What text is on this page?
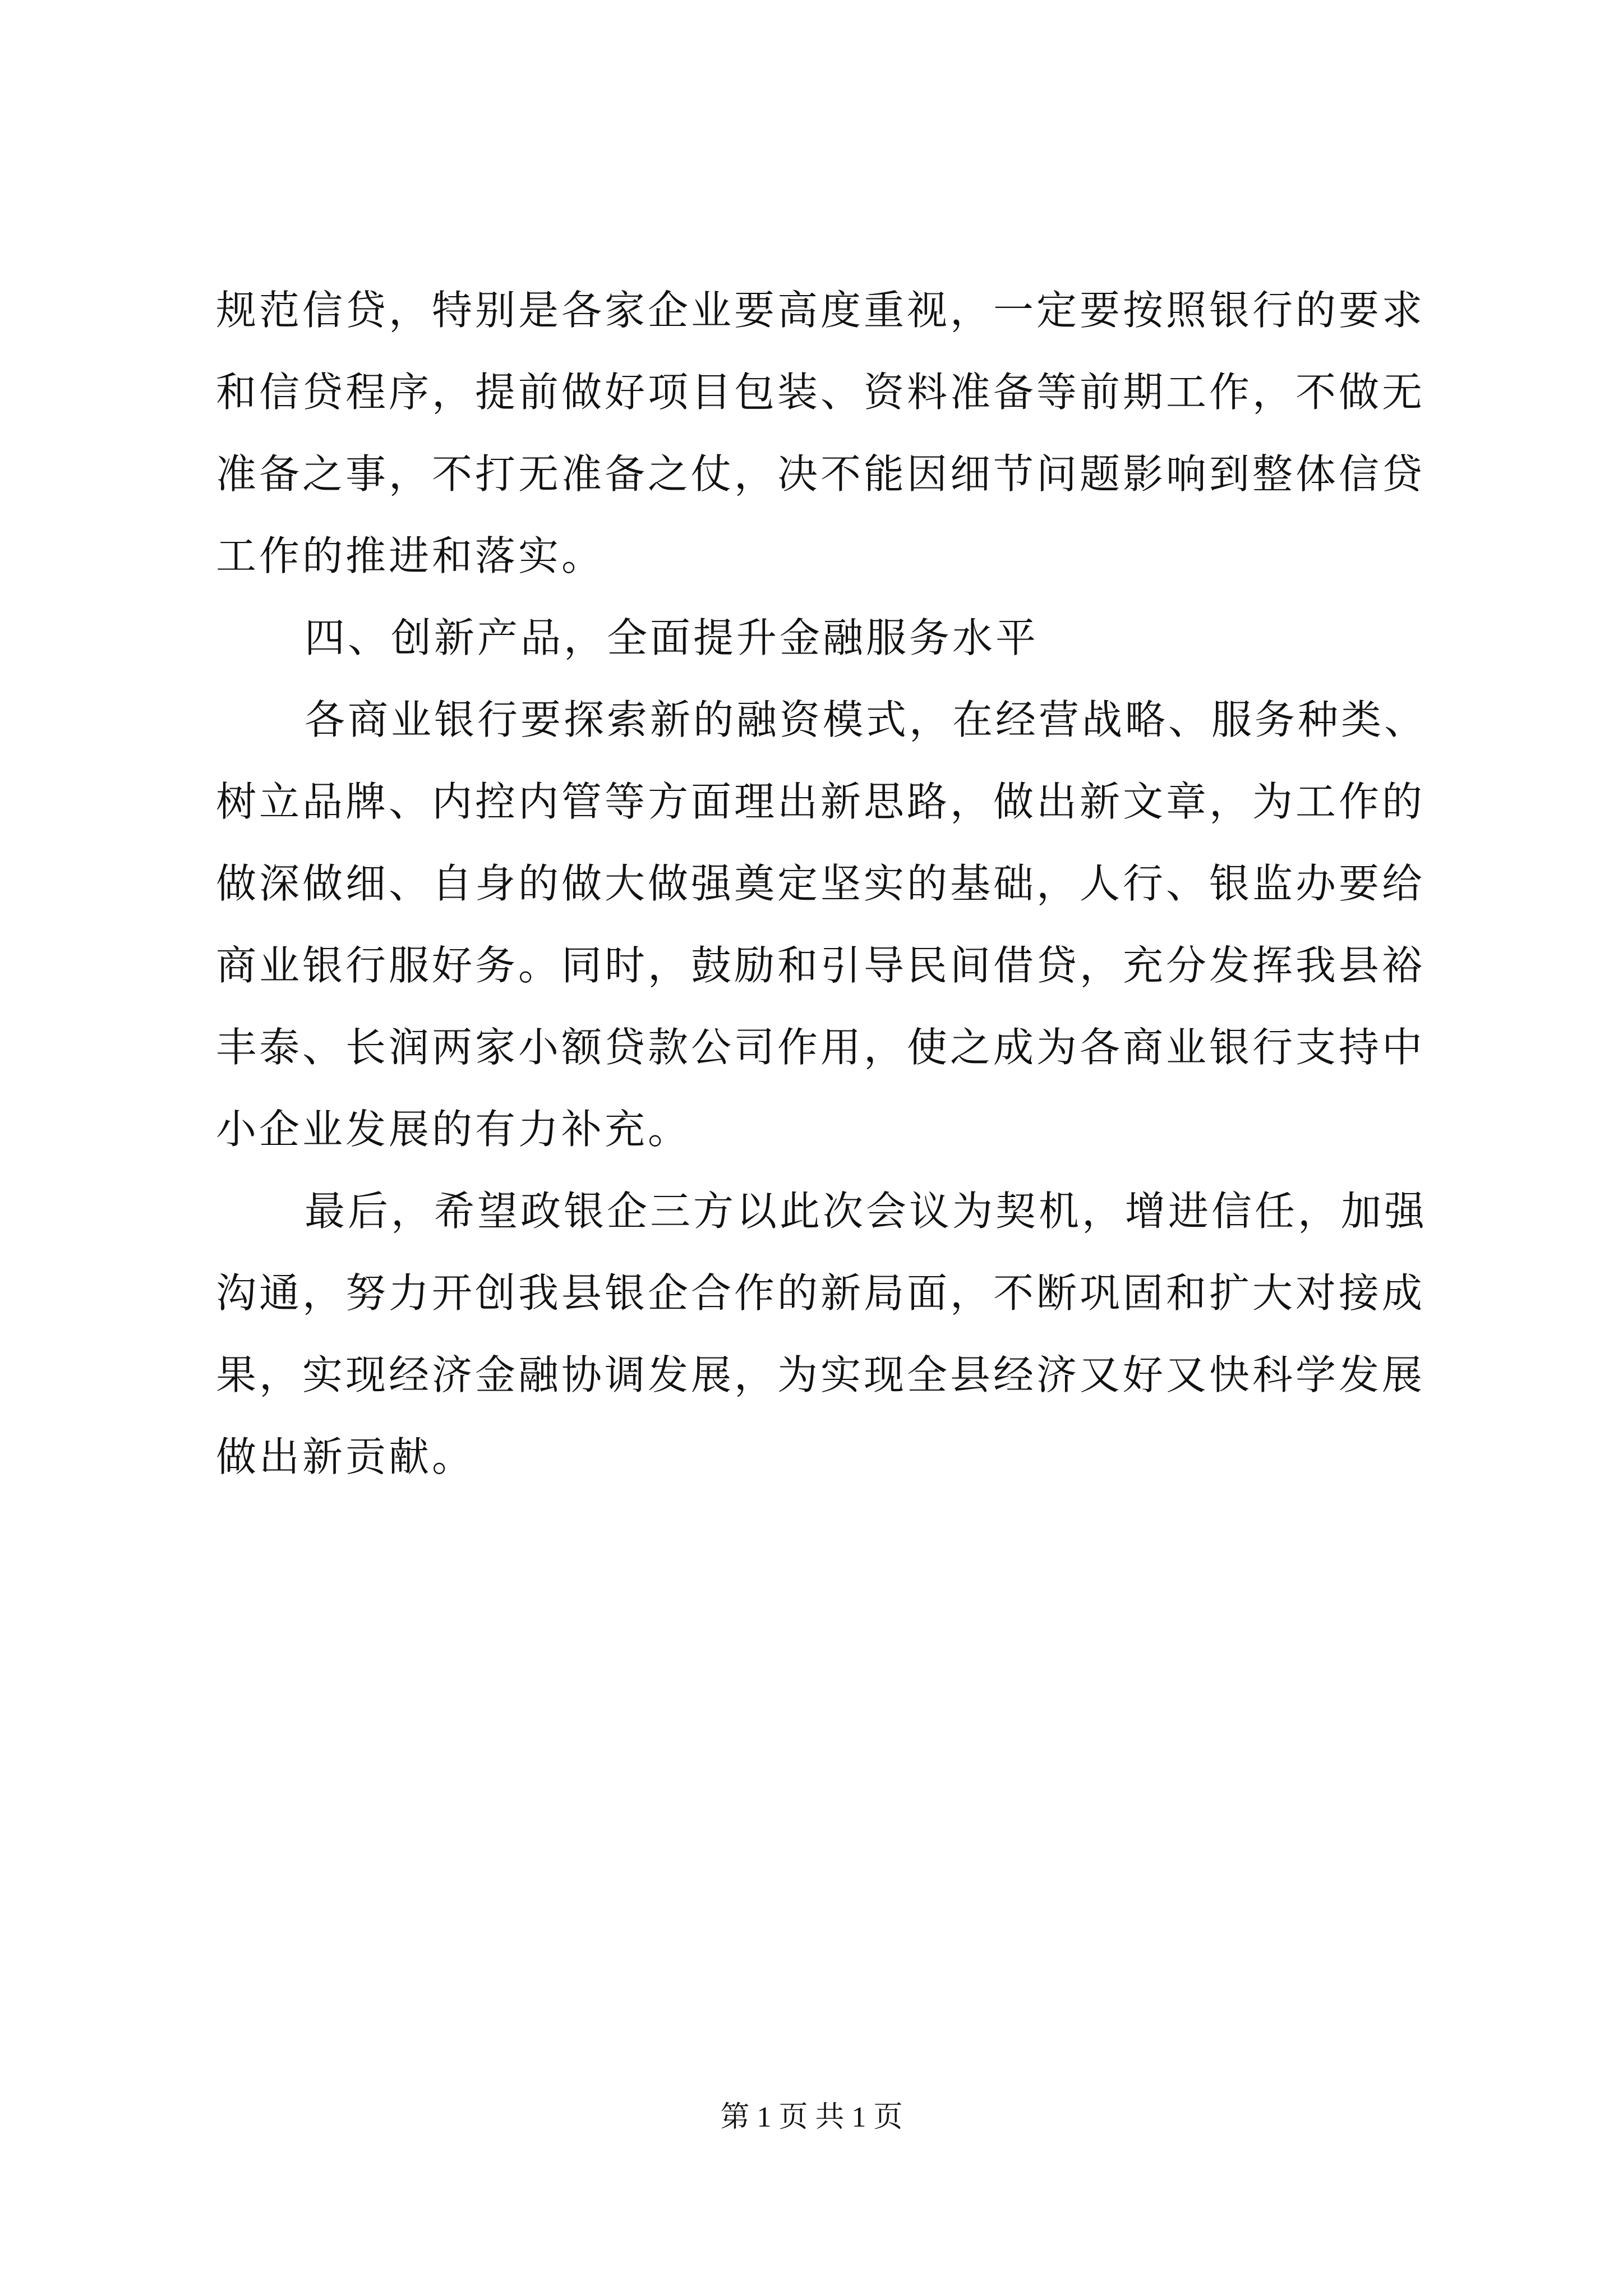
规范信贷，特别是各家企业要高度重视，一定要按照银行的要求
和信贷程序，提前做好项目包装、资料准备等前期工作，不做无
准备之事，不打无准备之仗，决不能因细节问题影响到整体信贷
工作的推进和落实。
四、创新产品，全面提升金融服务水平
各商业银行要探索新的融资模式，在经营战略、服务种类、
树立品牌、内控内管等方面理出新思路，做出新文章，为工作的
做深做细、自身的做大做强奠定坚实的基础，人行、银监办要给
商业银行服好务。同时，鼓励和引导民间借贷，充分发挥我县裕
丰泰、长润两家小额贷款公司作用，使之成为各商业银行支持中
小企业发展的有力补充。
最后，希望政银企三方以此次会议为契机，增进信任，加强
沟通，努力开创我县银企合作的新局面，不断巩固和扩大对接成
果，实现经济金融协调发展，为实现全县经济又好又快科学发展
做出新贡献。
第 1 页 共 1 页
